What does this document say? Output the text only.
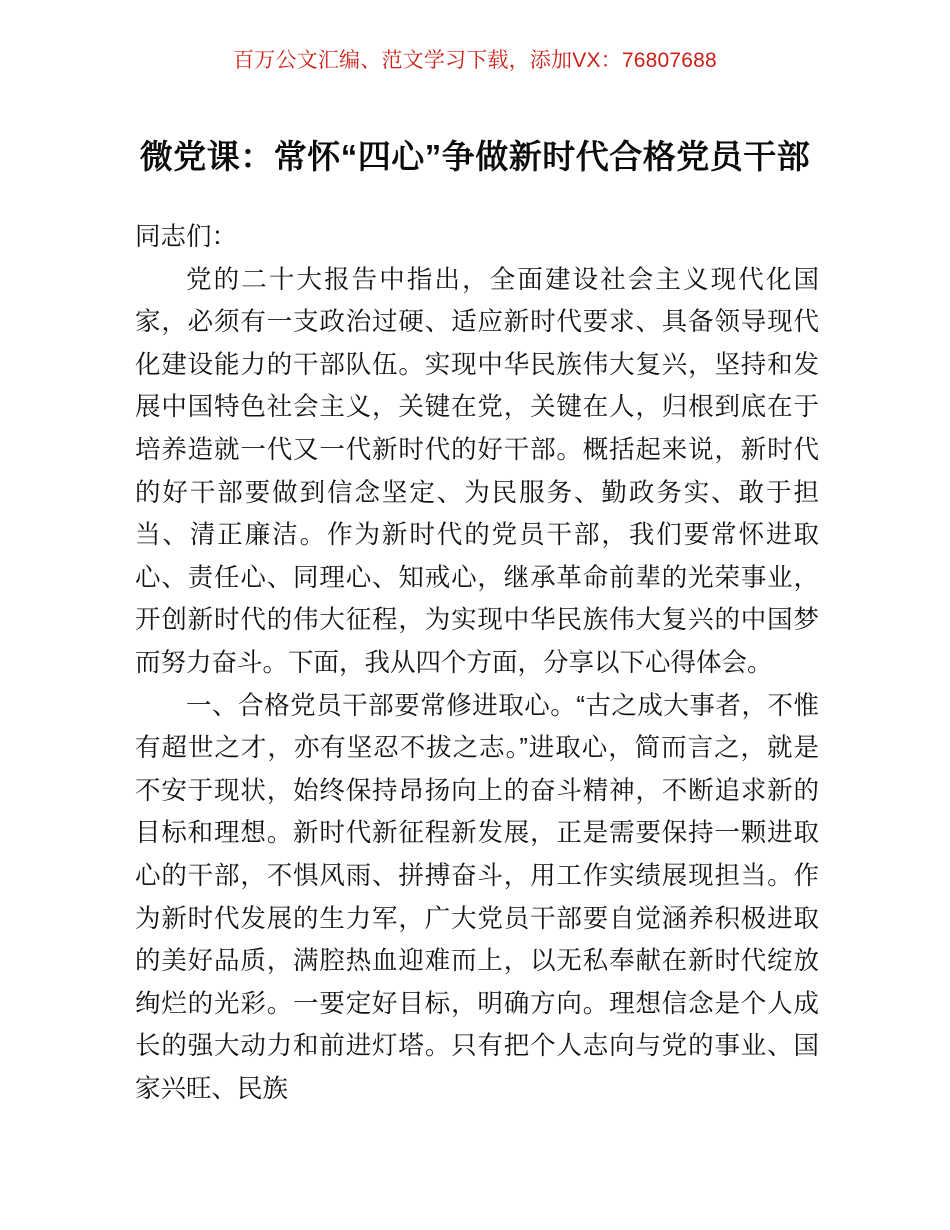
百万公文汇编、范文学习下载，添加VX：76807688
微党课：常怀“四心”争做新时代合格党员干部

同志们：

党的二十大报告中指出，全面建设社会主义现代化国家，必须有一支政治过硬、适应新时代要求、具备领导现代化建设能力的干部队伍。实现中华民族伟大复兴，坚持和发展中国特色社会主义，关键在党，关键在人，归根到底在于培养造就一代又一代新时代的好干部。概括起来说，新时代的好干部要做到信念坚定、为民服务、勤政务实、敢于担当、清正廉洁。作为新时代的党员干部，我们要常怀进取心、责任心、同理心、知戒心，继承革命前辈的光荣事业，开创新时代的伟大征程，为实现中华民族伟大复兴的中国梦而努力奋斗。下面，我从四个方面，分享以下心得体会。

一、合格党员干部要常修进取心。“古之成大事者，不惟有超世之才，亦有坚忍不拔之志。”进取心，简而言之，就是不安于现状，始终保持昂扬向上的奋斗精神，不断追求新的目标和理想。新时代新征程新发展，正是需要保持一颗进取心的干部，不惧风雨、拼搏奋斗，用工作实绩展现担当。作为新时代发展的生力军，广大党员干部要自觉涵养积极进取的美好品质，满腔热血迎难而上，以无私奉献在新时代绽放绚烂的光彩。一要定好目标，明确方向。理想信念是个人成长的强大动力和前进灯塔。只有把个人志向与党的事业、国家兴旺、民族
